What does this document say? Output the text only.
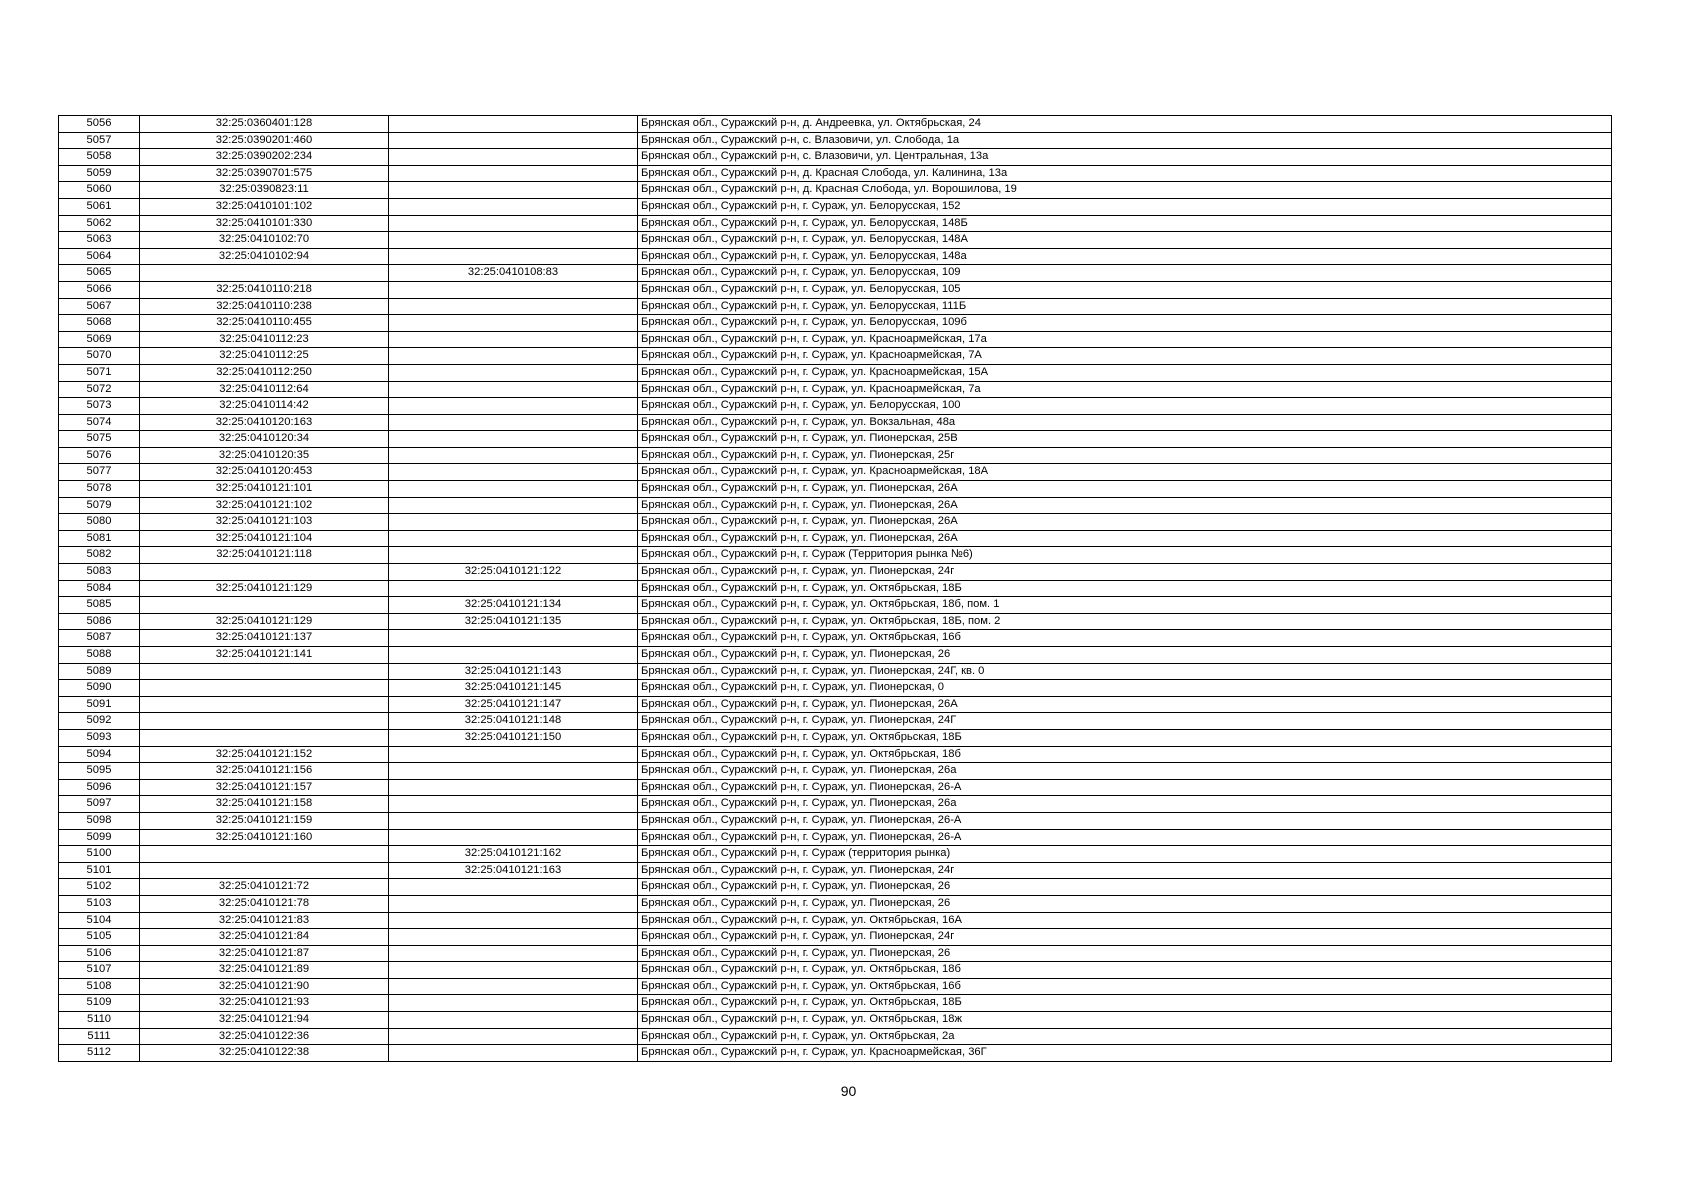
5056	32:25:0360401:128		Брянская обл., Суражский р-н, д. Андреевка, ул. Октябрьская, 24
5057	32:25:0390201:460		Брянская обл., Суражский р-н, с. Влазовичи, ул. Слобода, 1а
5058	32:25:0390202:234		Брянская обл., Суражский р-н, с. Влазовичи, ул. Центральная, 13а
5059	32:25:0390701:575		Брянская обл., Суражский р-н, д. Красная Слобода, ул. Калинина, 13а
5060	32:25:0390823:11		Брянская обл., Суражский р-н, д. Красная Слобода, ул. Ворошилова, 19
5061	32:25:0410101:102		Брянская обл., Суражский р-н, г. Сураж, ул. Белорусская, 152
5062	32:25:0410101:330		Брянская обл., Суражский р-н, г. Сураж, ул. Белорусская, 148Б
5063	32:25:0410102:70		Брянская обл., Суражский р-н, г. Сураж, ул. Белорусская, 148А
5064	32:25:0410102:94		Брянская обл., Суражский р-н, г. Сураж, ул. Белорусская, 148а
5065		32:25:0410108:83	Брянская обл., Суражский р-н, г. Сураж, ул. Белорусская, 109
5066	32:25:0410110:218		Брянская обл., Суражский р-н, г. Сураж, ул. Белорусская, 105
5067	32:25:0410110:238		Брянская обл., Суражский р-н, г. Сураж, ул. Белорусская, 111Б
5068	32:25:0410110:455		Брянская обл., Суражский р-н, г. Сураж, ул. Белорусская, 109б
5069	32:25:0410112:23		Брянская обл., Суражский р-н, г. Сураж, ул. Красноармейская, 17а
5070	32:25:0410112:25		Брянская обл., Суражский р-н, г. Сураж, ул. Красноармейская, 7А
5071	32:25:0410112:250		Брянская обл., Суражский р-н, г. Сураж, ул. Красноармейская, 15А
5072	32:25:0410112:64		Брянская обл., Суражский р-н, г. Сураж, ул. Красноармейская, 7а
5073	32:25:0410114:42		Брянская обл., Суражский р-н, г. Сураж, ул. Белорусская, 100
5074	32:25:0410120:163		Брянская обл., Суражский р-н, г. Сураж, ул. Вокзальная, 48а
5075	32:25:0410120:34		Брянская обл., Суражский р-н, г. Сураж, ул. Пионерская, 25В
5076	32:25:0410120:35		Брянская обл., Суражский р-н, г. Сураж, ул. Пионерская, 25г
5077	32:25:0410120:453		Брянская обл., Суражский р-н, г. Сураж, ул. Красноармейская, 18А
5078	32:25:0410121:101		Брянская обл., Суражский р-н, г. Сураж, ул. Пионерская, 26А
5079	32:25:0410121:102		Брянская обл., Суражский р-н, г. Сураж, ул. Пионерская, 26А
5080	32:25:0410121:103		Брянская обл., Суражский р-н, г. Сураж, ул. Пионерская, 26А
5081	32:25:0410121:104		Брянская обл., Суражский р-н, г. Сураж, ул. Пионерская, 26А
5082	32:25:0410121:118		Брянская обл., Суражский р-н, г. Сураж (Территория рынка №6)
5083		32:25:0410121:122	Брянская обл., Суражский р-н, г. Сураж, ул. Пионерская, 24г
5084	32:25:0410121:129		Брянская обл., Суражский р-н, г. Сураж, ул. Октябрьская, 18Б
5085		32:25:0410121:134	Брянская обл., Суражский р-н, г. Сураж, ул. Октябрьская, 18б, пом. 1
5086	32:25:0410121:129	32:25:0410121:135	Брянская обл., Суражский р-н, г. Сураж, ул. Октябрьская, 18Б, пом. 2
5087	32:25:0410121:137		Брянская обл., Суражский р-н, г. Сураж, ул. Октябрьская, 16б
5088	32:25:0410121:141		Брянская обл., Суражский р-н, г. Сураж, ул. Пионерская, 26
5089		32:25:0410121:143	Брянская обл., Суражский р-н, г. Сураж, ул. Пионерская, 24Г, кв. 0
5090		32:25:0410121:145	Брянская обл., Суражский р-н, г. Сураж, ул. Пионерская, 0
5091		32:25:0410121:147	Брянская обл., Суражский р-н, г. Сураж, ул. Пионерская, 26А
5092		32:25:0410121:148	Брянская обл., Суражский р-н, г. Сураж, ул. Пионерская, 24Г
5093		32:25:0410121:150	Брянская обл., Суражский р-н, г. Сураж, ул. Октябрьская, 18Б
5094	32:25:0410121:152		Брянская обл., Суражский р-н, г. Сураж, ул. Октябрьская, 18б
5095	32:25:0410121:156		Брянская обл., Суражский р-н, г. Сураж, ул. Пионерская, 26а
5096	32:25:0410121:157		Брянская обл., Суражский р-н, г. Сураж, ул. Пионерская, 26-А
5097	32:25:0410121:158		Брянская обл., Суражский р-н, г. Сураж, ул. Пионерская, 26а
5098	32:25:0410121:159		Брянская обл., Суражский р-н, г. Сураж, ул. Пионерская, 26-А
5099	32:25:0410121:160		Брянская обл., Суражский р-н, г. Сураж, ул. Пионерская, 26-А
5100		32:25:0410121:162	Брянская обл., Суражский р-н, г. Сураж (территория рынка)
5101		32:25:0410121:163	Брянская обл., Суражский р-н, г. Сураж, ул. Пионерская, 24г
5102	32:25:0410121:72		Брянская обл., Суражский р-н, г. Сураж, ул. Пионерская, 26
5103	32:25:0410121:78		Брянская обл., Суражский р-н, г. Сураж, ул. Пионерская, 26
5104	32:25:0410121:83		Брянская обл., Суражский р-н, г. Сураж, ул. Октябрьская, 16А
5105	32:25:0410121:84		Брянская обл., Суражский р-н, г. Сураж, ул. Пионерская, 24г
5106	32:25:0410121:87		Брянская обл., Суражский р-н, г. Сураж, ул. Пионерская, 26
5107	32:25:0410121:89		Брянская обл., Суражский р-н, г. Сураж, ул. Октябрьская, 18б
5108	32:25:0410121:90		Брянская обл., Суражский р-н, г. Сураж, ул. Октябрьская, 16б
5109	32:25:0410121:93		Брянская обл., Суражский р-н, г. Сураж, ул. Октябрьская, 18Б
5110	32:25:0410121:94		Брянская обл., Суражский р-н, г. Сураж, ул. Октябрьская, 18ж
5111	32:25:0410122:36		Брянская обл., Суражский р-н, г. Сураж, ул. Октябрьская, 2а
5112	32:25:0410122:38		Брянская обл., Суражский р-н, г. Сураж, ул. Красноармейская, 36Г
90
